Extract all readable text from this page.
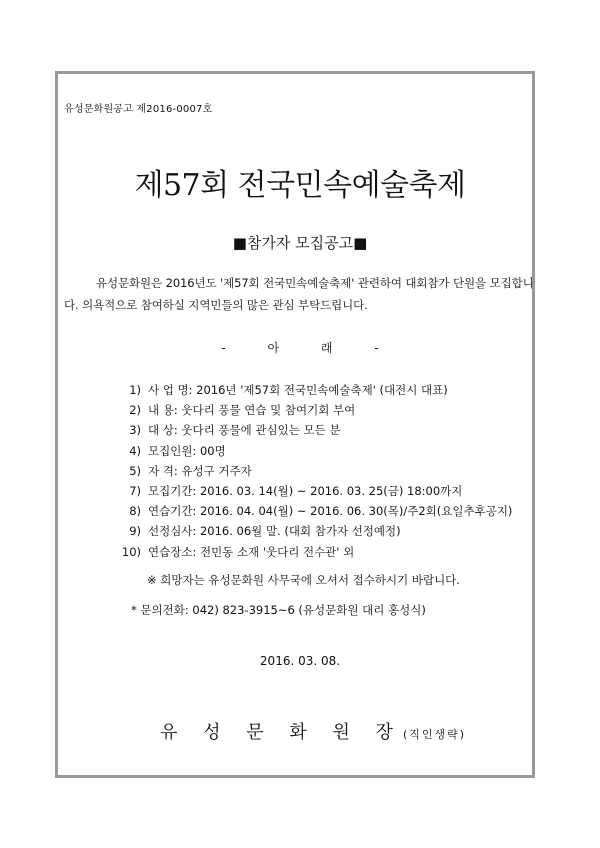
유성문화원공고 제2016-0007호
제57회 전국민속예술축제
■참가자 모집공고■
유성문화원은 2016년도 '제57회 전국민속예술축제' 관련하여 대회참가 단원을 모집합니다. 의욕적으로 참여하실 지역민들의 많은 관심 부탁드립니다.
- 아 래 -
1) 사 업 명: 2016년 '제57회 전국민속예술축제' (대전시 대표)
2) 내 용: 웃다리 풍물 연습 및 참여기회 부여
3) 대 상: 웃다리 풍물에 관심있는 모든 분
4) 모집인원: 00명
5) 자 격: 유성구 거주자
7) 모집기간: 2016. 03. 14(월) ~ 2016. 03. 25(금) 18:00까지
8) 연습기간: 2016. 04. 04(월) ~ 2016. 06. 30(목)/주2회(요일추후공지)
9) 선정심사: 2016. 06월 말. (대회 참가자 선정예정)
10) 연습장소: 전민동 소재 '웃다리 전수관' 외
※ 희망자는 유성문화원 사무국에 오셔서 접수하시기 바랍니다.
* 문의전화: 042) 823-3915~6 (유성문화원 대리 홍성식)
2016. 03. 08.
유 성 문 화 원 장(직인생략)
